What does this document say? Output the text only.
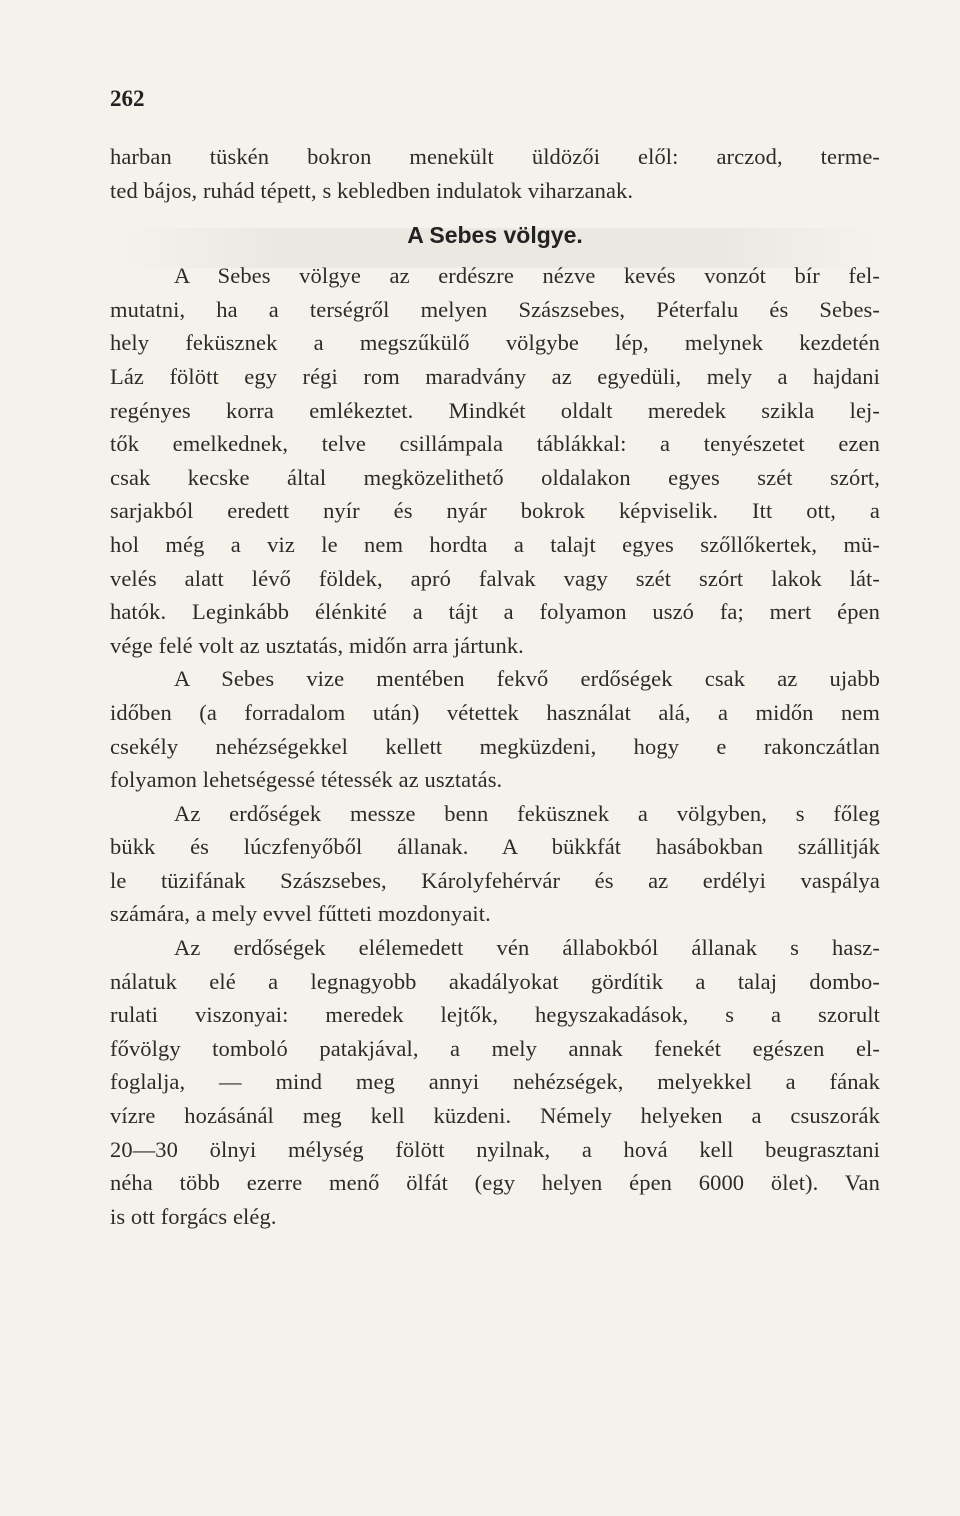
262
harban tüskén bokron menekült üldözői elől: arczod, terme-
ted bájos, ruhád tépett, s kebledben indulatok viharzanak.
A Sebes völgye.
A Sebes völgye az erdészre nézve kevés vonzót bír fel-
mutatni, ha a terségről melyen Szászsebes, Péterfalu és Sebes-
hely feküsznek a megszűkülő völgybe lép, melynek kezdetén
Láz fölött egy régi rom maradvány az egyedüli, mely a hajdani
regényes korra emlékeztet. Mindkét oldalt meredek szikla lej-
tők emelkednek, telve csillámpala táblákkal: a tenyészetet ezen
csak kecske által megközelithető oldalakon egyes szét szórt,
sarjakból eredett nyír és nyár bokrok képviselik. Itt ott, a
hol még a viz le nem hordta a talajt egyes szőllőkertek, mü-
velés alatt lévő földek, apró falvak vagy szét szórt lakok lát-
hatók. Leginkább élénkité a tájt a folyamon uszó fa; mert épen
vége felé volt az usztatás, midőn arra jártunk.
A Sebes vize mentében fekvő erdőségek csak az ujabb
időben (a forradalom után) vétettek használat alá, a midőn nem
csekély nehézségekkel kellett megküzdeni, hogy e rakonczátlan
folyamon lehetségessé tétessék az usztatás.
Az erdőségek messze benn feküsznek a völgyben, s főleg
bükk és lúczfenyőből állanak. A bükkfát hasábokban szállitják
le tüzifának Szászsebes, Károlyfehérvár és az erdélyi vaspálya
számára, a mely evvel fűtteti mozdonyait.
Az erdőségek elélemedett vén állabokból állanak s hasz-
nálatuk elé a legnagyobb akadályokat gördítik a talaj dombo-
rulati viszonyai: meredek lejtők, hegyszakadások, s a szorult
fővölgy tomboló patakjával, a mely annak fenekét egészen el-
foglalja, — mind meg annyi nehézségek, melyekkel a fának
vízre hozásánál meg kell küzdeni. Némely helyeken a csuszorák
20—30 ölnyi mélység fölött nyilnak, a hová kell beugrasztani
néha több ezerre menő ölfát (egy helyen épen 6000 ölet). Van
is ott forgács elég.
